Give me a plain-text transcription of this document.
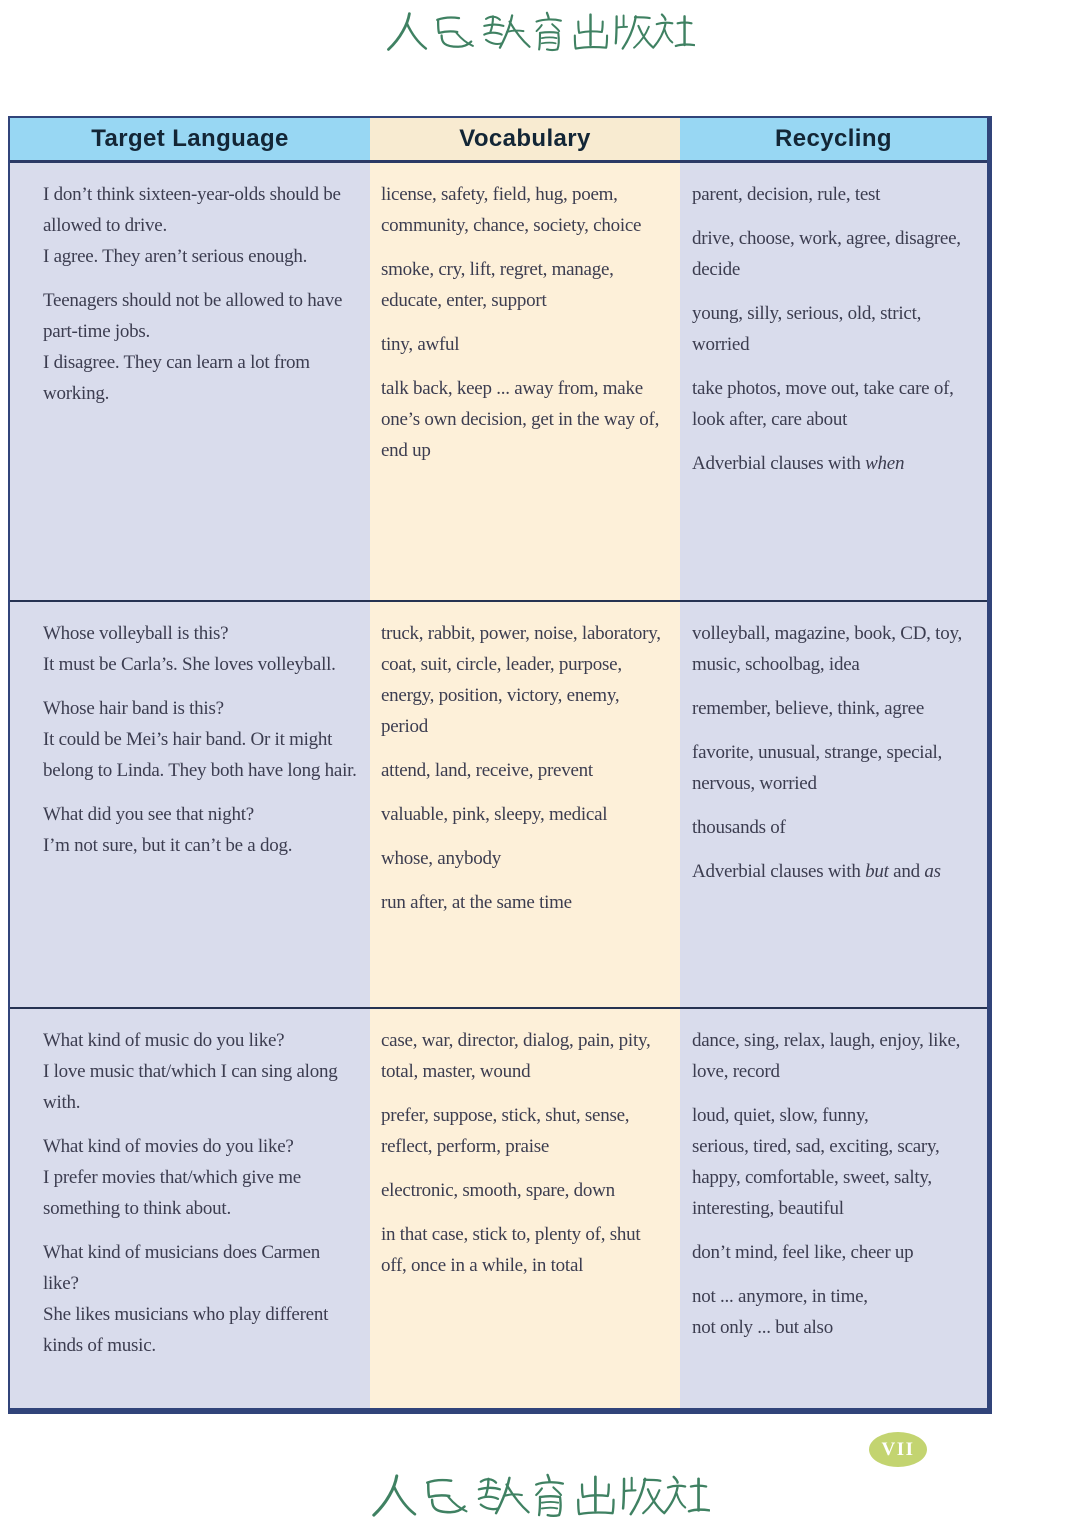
Target Language	Vocabulary	Recycling
I don’t think sixteen-year-olds should be allowed to drive.
I agree. They aren’t serious enough.
Teenagers should not be allowed to have part-time jobs.
I disagree. They can learn a lot from working.
license, safety, field, hug, poem, community, chance, society, choice
smoke, cry, lift, regret, manage, educate, enter, support
tiny, awful
talk back, keep ... away from, make one’s own decision, get in the way of, end up
parent, decision, rule, test
drive, choose, work, agree, disagree, decide
young, silly, serious, old, strict, worried
take photos, move out, take care of, look after, care about
Adverbial clauses with when
Whose volleyball is this?
It must be Carla’s. She loves volleyball.
Whose hair band is this?
It could be Mei’s hair band. Or it might belong to Linda. They both have long hair.
What did you see that night?
I’m not sure, but it can’t be a dog.
truck, rabbit, power, noise, laboratory, coat, suit, circle, leader, purpose, energy, position, victory, enemy, period
attend, land, receive, prevent
valuable, pink, sleepy, medical
whose, anybody
run after, at the same time
volleyball, magazine, book, CD, toy, music, schoolbag, idea
remember, believe, think, agree
favorite, unusual, strange, special, nervous, worried
thousands of
Adverbial clauses with but and as
What kind of music do you like?
I love music that/which I can sing along with.
What kind of movies do you like?
I prefer movies that/which give me something to think about.
What kind of musicians does Carmen like?
She likes musicians who play different kinds of music.
case, war, director, dialog, pain, pity, total, master, wound
prefer, suppose, stick, shut, sense, reflect, perform, praise
electronic, smooth, spare, down
in that case, stick to, plenty of, shut off, once in a while, in total
dance, sing, relax, laugh, enjoy, like, love, record
loud, quiet, slow, funny,
serious, tired, sad, exciting, scary, happy, comfortable, sweet, salty, interesting, beautiful
don’t mind, feel like, cheer up
not ... anymore, in time,
not only ... but also
VII
